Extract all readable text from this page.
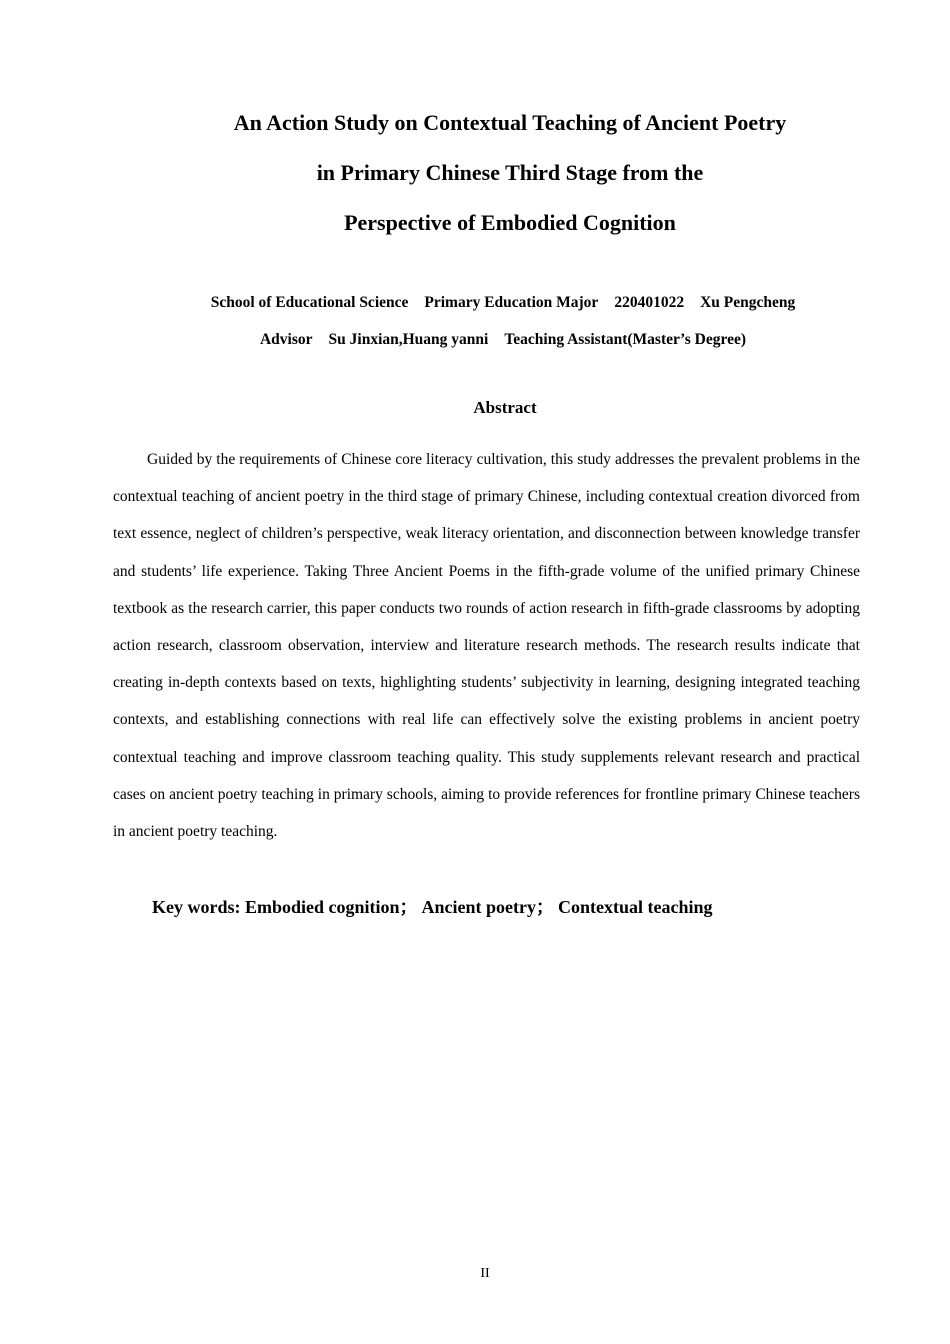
An Action Study on Contextual Teaching of Ancient Poetry
in Primary Chinese Third Stage from the
Perspective of Embodied Cognition
School of Educational Science Primary Education Major 220401022 Xu Pengcheng
Advisor Su Jinxian,Huang yanni Teaching Assistant(Master’s Degree)
Abstract

Guided by the requirements of Chinese core literacy cultivation, this study addresses the prevalent problems in the contextual teaching of ancient poetry in the third stage of primary Chinese, including contextual creation divorced from text essence, neglect of children’s perspective, weak literacy orientation, and disconnection between knowledge transfer and students’ life experience. Taking Three Ancient Poems in the fifth-grade volume of the unified primary Chinese textbook as the research carrier, this paper conducts two rounds of action research in fifth-grade classrooms by adopting action research, classroom observation, interview and literature research methods. The research results indicate that creating in-depth contexts based on texts, highlighting students’ subjectivity in learning, designing integrated teaching contexts, and establishing connections with real life can effectively solve the existing problems in ancient poetry contextual teaching and improve classroom teaching quality. This study supplements relevant research and practical cases on ancient poetry teaching in primary schools, aiming to provide references for frontline primary Chinese teachers in ancient poetry teaching.

Key words: Embodied cognition； Ancient poetry； Contextual teaching
II
